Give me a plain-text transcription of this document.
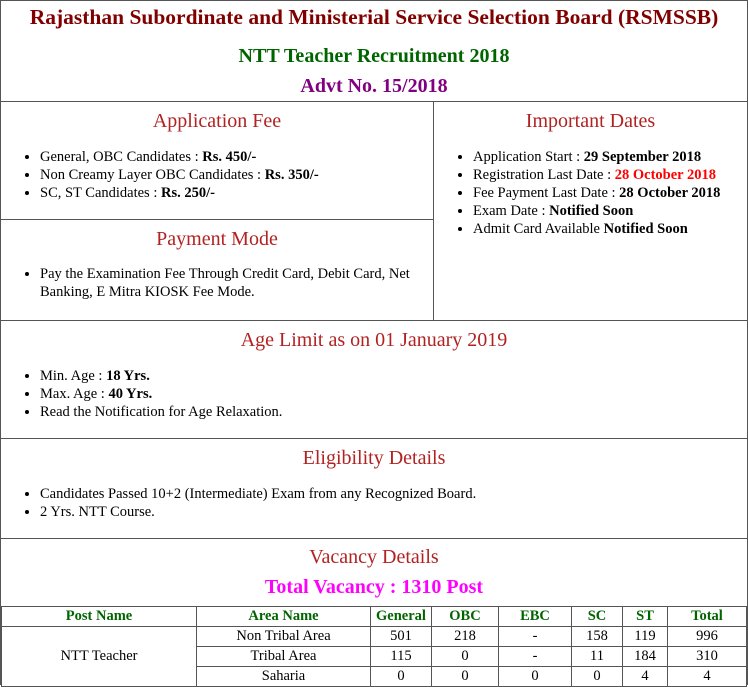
Rajasthan Subordinate and Ministerial Service Selection Board (RSMSSB)
NTT Teacher Recruitment 2018
Advt No. 15/2018
Application Fee
• General, OBC Candidates : Rs. 450/-
• Non Creamy Layer OBC Candidates : Rs. 350/-
• SC, ST Candidates : Rs. 250/-
Payment Mode
• Pay the Examination Fee Through Credit Card, Debit Card, Net Banking, E Mitra KIOSK Fee Mode.
Important Dates
• Application Start : 29 September 2018
• Registration Last Date : 28 October 2018
• Fee Payment Last Date : 28 October 2018
• Exam Date : Notified Soon
• Admit Card Available Notified Soon
Age Limit as on 01 January 2019
• Min. Age : 18 Yrs.
• Max. Age : 40 Yrs.
• Read the Notification for Age Relaxation.
Eligibility Details
• Candidates Passed 10+2 (Intermediate) Exam from any Recognized Board.
• 2 Yrs. NTT Course.
Vacancy Details
Total Vacancy : 1310 Post
Post Name	Area Name	General	OBC	EBC	SC	ST	Total
NTT Teacher	Non Tribal Area	501	218	-	158	119	996
	Tribal Area	115	0	-	11	184	310
	Saharia	0	0	0	0	4	4
